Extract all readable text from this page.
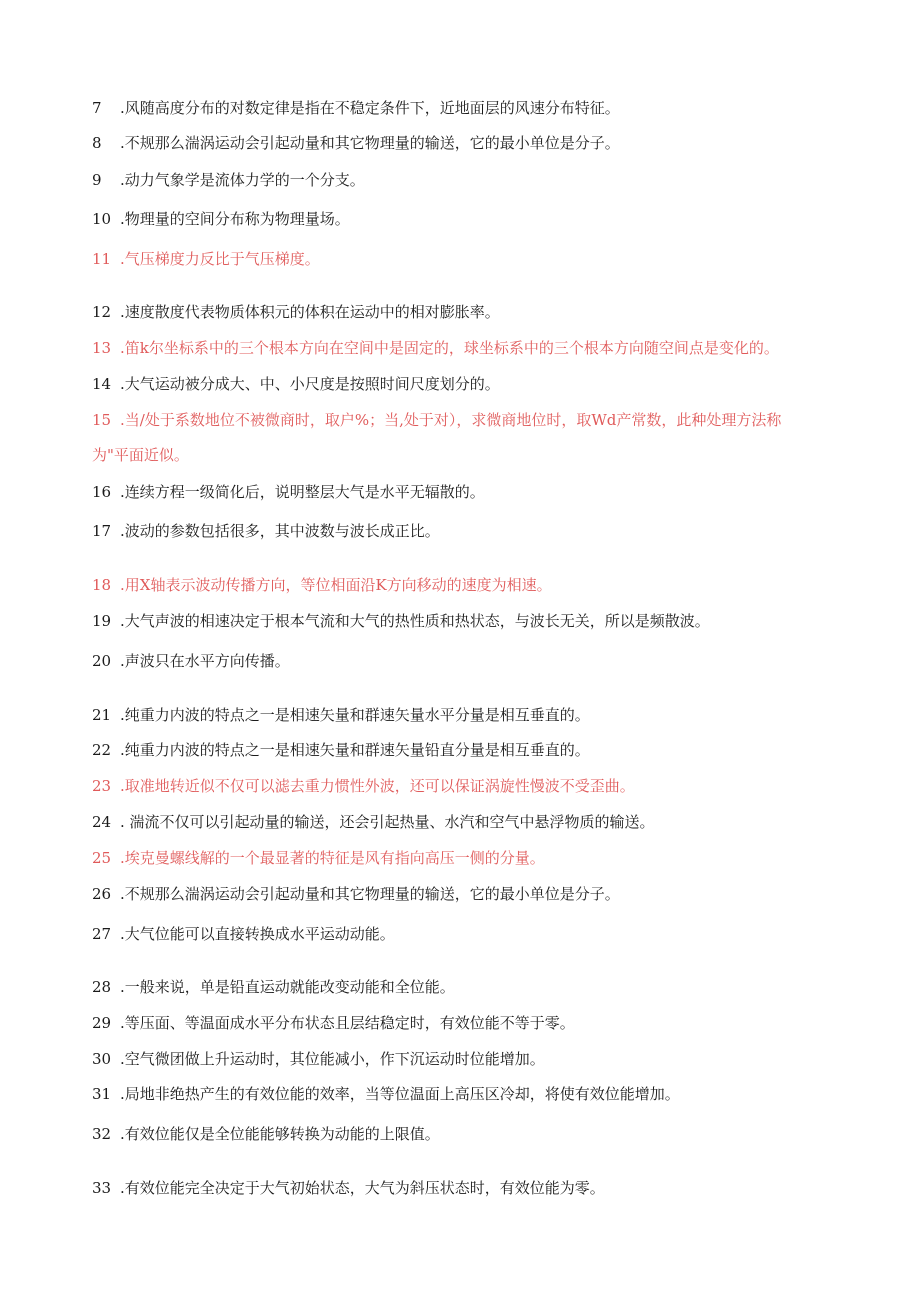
7 .风随高度分布的对数定律是指在不稳定条件下，近地面层的风速分布特征。
8 .不规那么湍涡运动会引起动量和其它物理量的输送，它的最小单位是分子。
9 .动力气象学是流体力学的一个分支。
10 .物理量的空间分布称为物理量场。
11 .气压梯度力反比于气压梯度。
12 .速度散度代表物质体积元的体积在运动中的相对膨胀率。
13 .笛k尔坐标系中的三个根本方向在空间中是固定的，球坐标系中的三个根本方向随空间点是变化的。
14 .大气运动被分成大、中、小尺度是按照时间尺度划分的。
15 .当/处于系数地位不被微商时，取户%；当,处于对），求微商地位时，取Wd产常数，此种处理方法称
为"平面近似。
16 .连续方程一级简化后，说明整层大气是水平无辐散的。
17 .波动的参数包括很多，其中波数与波长成正比。
18 .用X轴表示波动传播方向，等位相面沿K方向移动的速度为相速。
19 .大气声波的相速决定于根本气流和大气的热性质和热状态，与波长无关，所以是频散波。
20 .声波只在水平方向传播。
21 .纯重力内波的特点之一是相速矢量和群速矢量水平分量是相互垂直的。
22 .纯重力内波的特点之一是相速矢量和群速矢量铅直分量是相互垂直的。
23 .取准地转近似不仅可以滤去重力惯性外波，还可以保证涡旋性慢波不受歪曲。
24 . 湍流不仅可以引起动量的输送，还会引起热量、水汽和空气中悬浮物质的输送。
25 .埃克曼螺线解的一个最显著的特征是风有指向高压一侧的分量。
26 .不规那么湍涡运动会引起动量和其它物理量的输送，它的最小单位是分子。
27 .大气位能可以直接转换成水平运动动能。
28 .一般来说，单是铅直运动就能改变动能和全位能。
29 .等压面、等温面成水平分布状态且层结稳定时，有效位能不等于零。
30 .空气微团做上升运动时，其位能减小，作下沉运动时位能增加。
31 .局地非绝热产生的有效位能的效率，当等位温面上高压区冷却，将使有效位能增加。
32 .有效位能仅是全位能能够转换为动能的上限值。
33 .有效位能完全决定于大气初始状态，大气为斜压状态时，有效位能为零。
